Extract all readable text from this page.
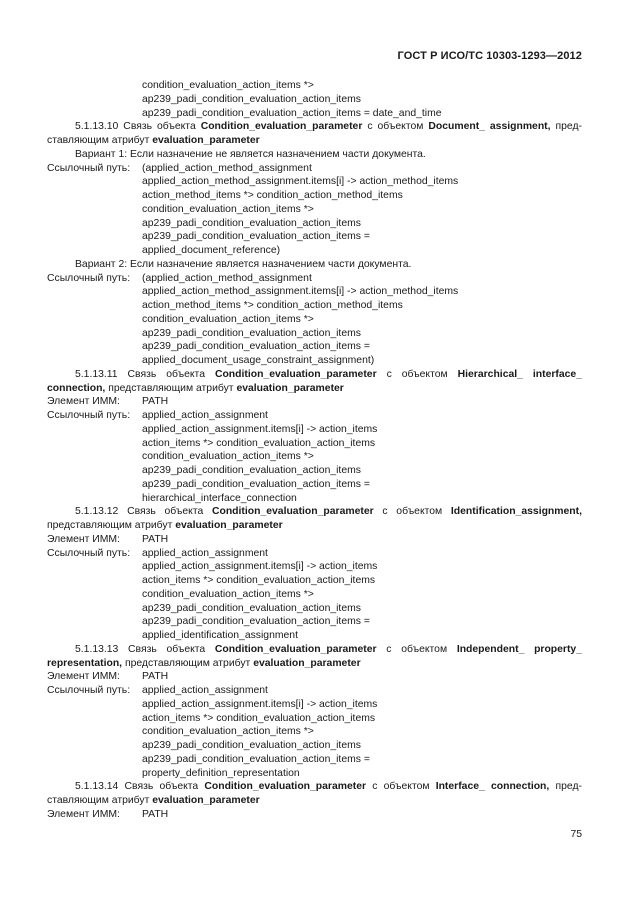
ГОСТ Р ИСО/ТС 10303-1293—2012
condition_evaluation_action_items *>
ap239_padi_condition_evaluation_action_items
ap239_padi_condition_evaluation_action_items = date_and_time
5.1.13.10 Связь объекта Condition_evaluation_parameter с объектом Document_ assignment, пред-
ставляющим атрибут evaluation_parameter
Вариант 1: Если назначение не является назначением части документа.
Ссылочный путь: (applied_action_method_assignment
applied_action_method_assignment.items[i] -> action_method_items
action_method_items *> condition_action_method_items
condition_evaluation_action_items *>
ap239_padi_condition_evaluation_action_items
ap239_padi_condition_evaluation_action_items =
applied_document_reference)
Вариант 2: Если назначение является назначением части документа.
Ссылочный путь: (applied_action_method_assignment
applied_action_method_assignment.items[i] -> action_method_items
action_method_items *> condition_action_method_items
condition_evaluation_action_items *>
ap239_padi_condition_evaluation_action_items
ap239_padi_condition_evaluation_action_items =
applied_document_usage_constraint_assignment)
5.1.13.11 Связь объекта Condition_evaluation_parameter с объектом Hierarchical_ interface_
connection, представляющим атрибут evaluation_parameter
Элемент ИММ: PATH
Ссылочный путь: applied_action_assignment
applied_action_assignment.items[i] -> action_items
action_items *> condition_evaluation_action_items
condition_evaluation_action_items *>
ap239_padi_condition_evaluation_action_items
ap239_padi_condition_evaluation_action_items =
hierarchical_interface_connection
5.1.13.12 Связь объекта Condition_evaluation_parameter с объектом Identification_assignment,
представляющим атрибут evaluation_parameter
Элемент ИММ: PATH
Ссылочный путь: applied_action_assignment
applied_action_assignment.items[i] -> action_items
action_items *> condition_evaluation_action_items
condition_evaluation_action_items *>
ap239_padi_condition_evaluation_action_items
ap239_padi_condition_evaluation_action_items =
applied_identification_assignment
5.1.13.13 Связь объекта Condition_evaluation_parameter с объектом Independent_ property_
representation, представляющим атрибут evaluation_parameter
Элемент ИММ: PATH
Ссылочный путь: applied_action_assignment
applied_action_assignment.items[i] -> action_items
action_items *> condition_evaluation_action_items
condition_evaluation_action_items *>
ap239_padi_condition_evaluation_action_items
ap239_padi_condition_evaluation_action_items =
property_definition_representation
5.1.13.14 Связь объекта Condition_evaluation_parameter с объектом Interface_ connection, пред-
ставляющим атрибут evaluation_parameter
Элемент ИММ: PATH
75
